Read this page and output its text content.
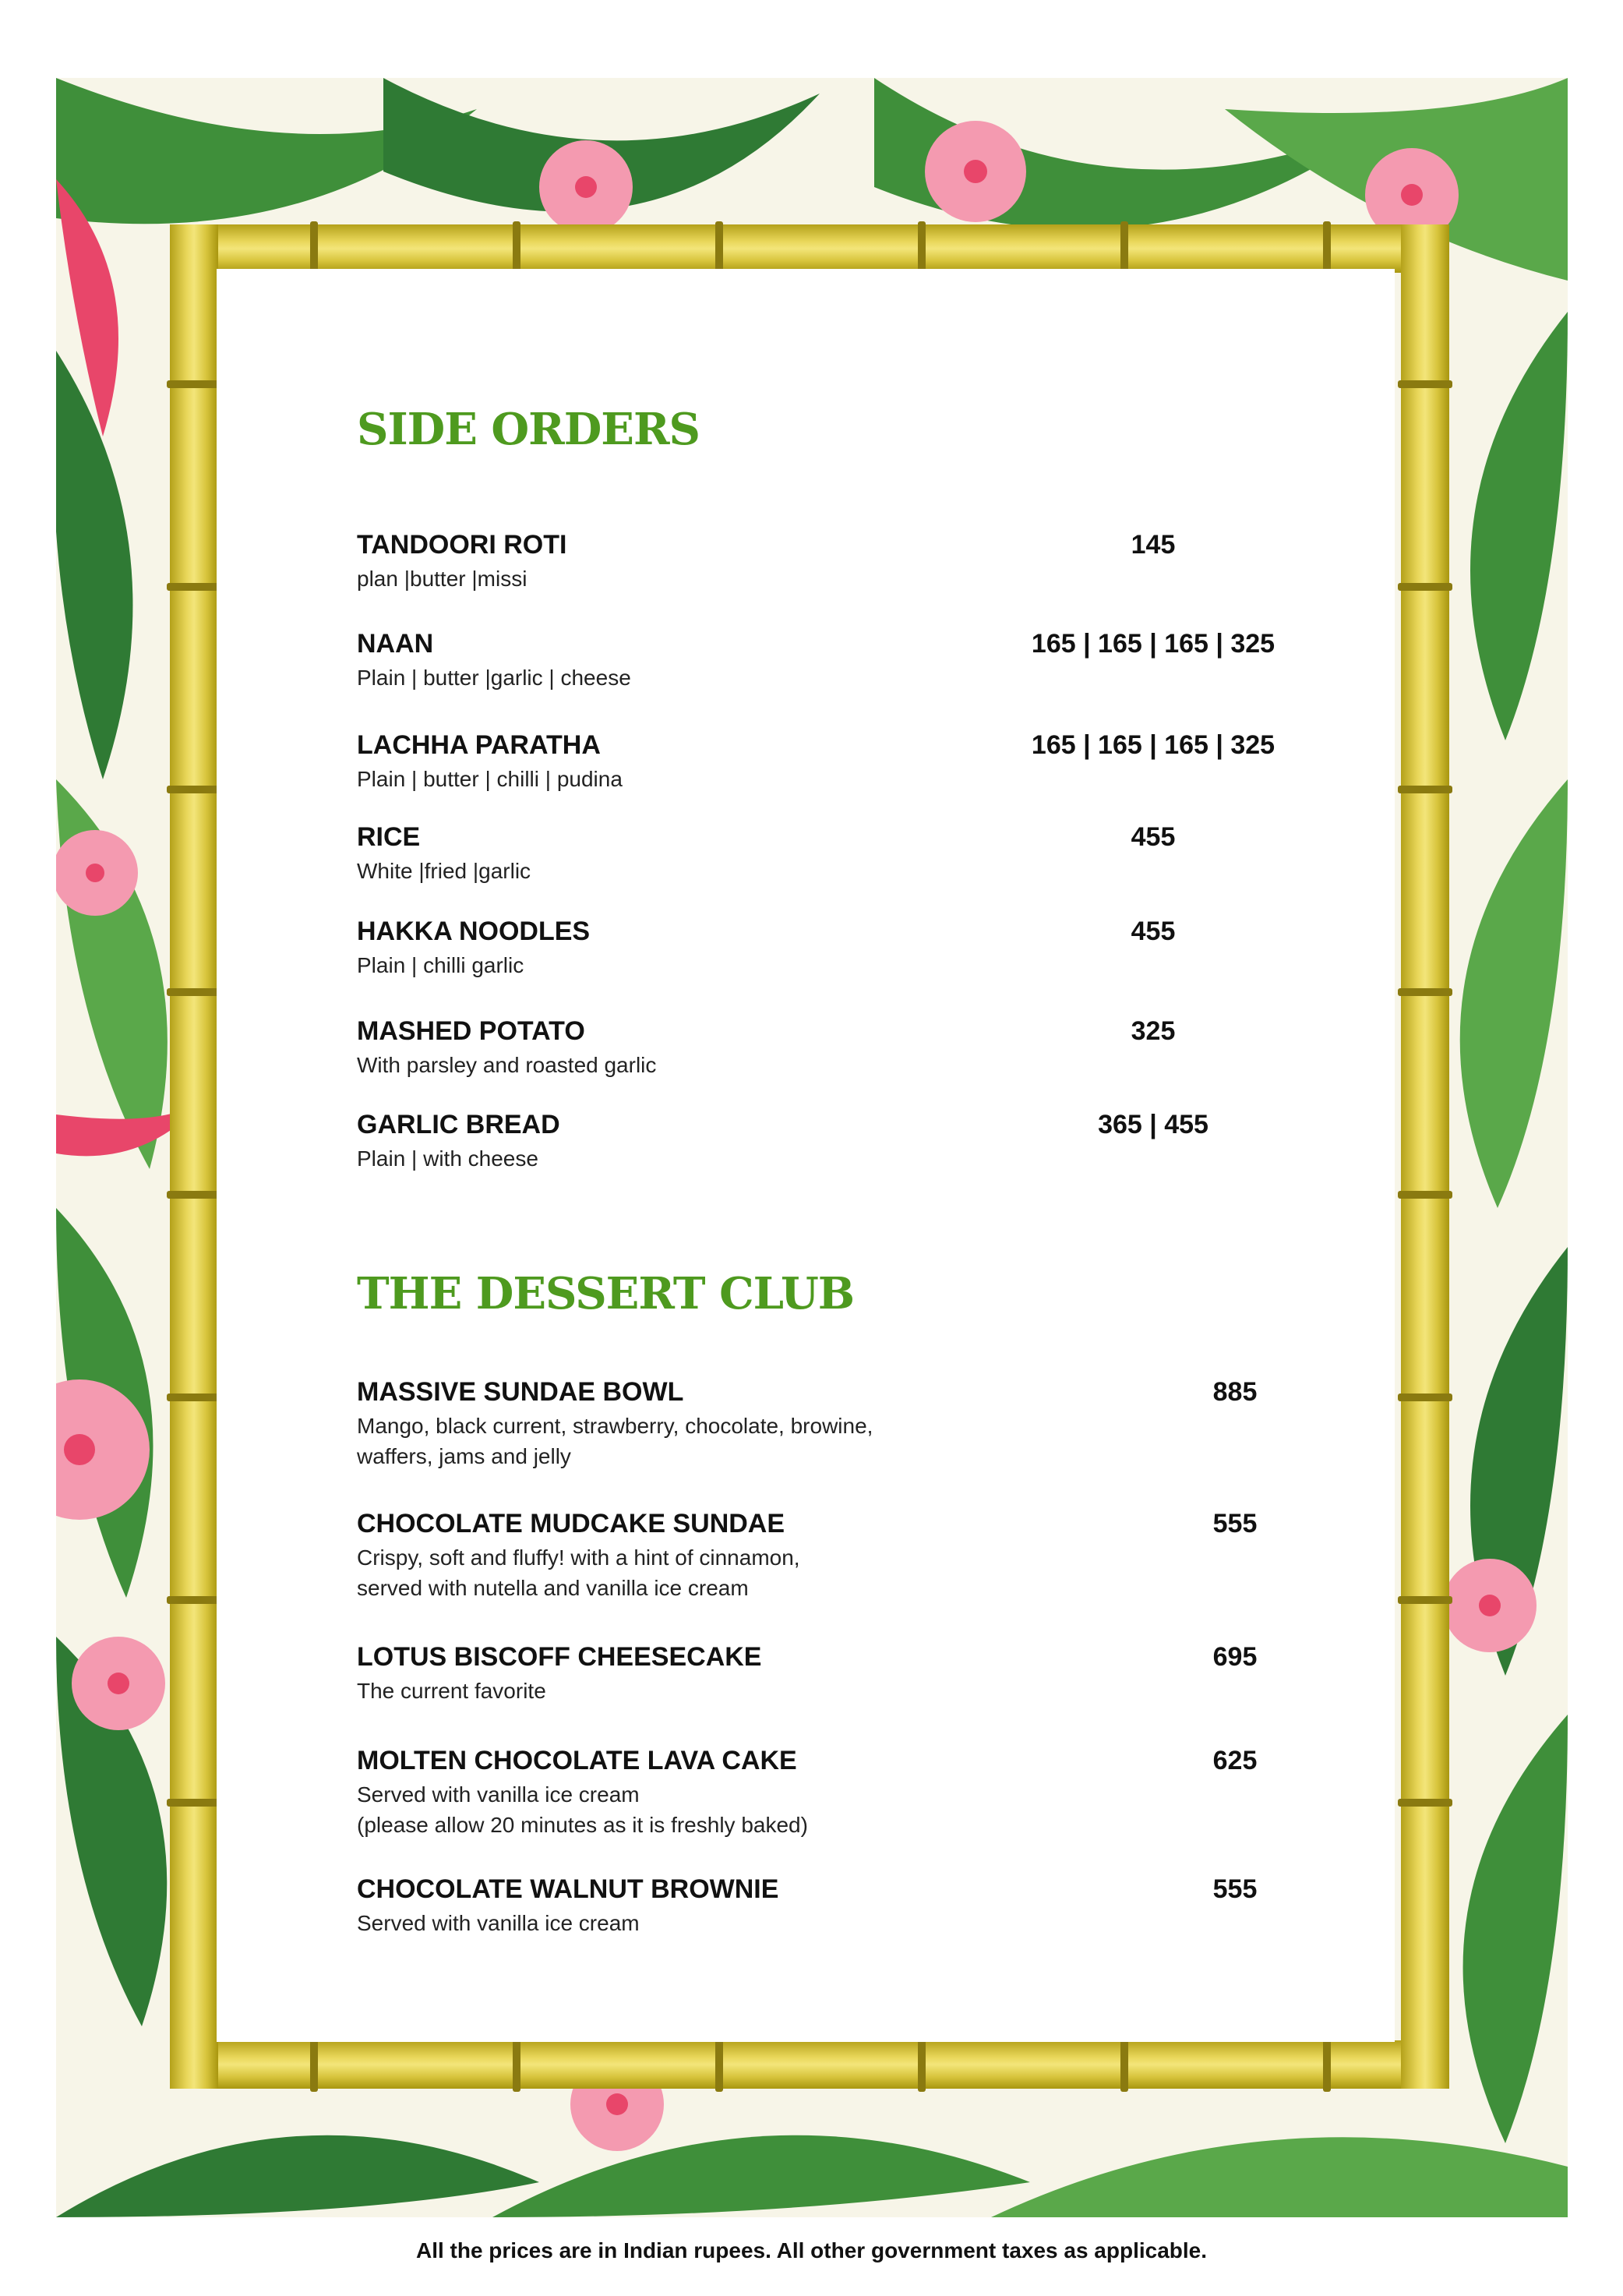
SIDE ORDERS
TANDOORI ROTI
plan |butter |missi
145
NAAN
Plain | butter |garlic | cheese
165 | 165 | 165 | 325
LACHHA PARATHA
Plain | butter | chilli | pudina
165 | 165 | 165 | 325
RICE
White |fried |garlic
455
HAKKA NOODLES
Plain | chilli garlic
455
MASHED POTATO
With parsley and roasted garlic
325
GARLIC BREAD
Plain | with cheese
365 | 455
THE DESSERT CLUB
MASSIVE SUNDAE BOWL
Mango, black current, strawberry, chocolate, browine,
waffers, jams and jelly
885
CHOCOLATE MUDCAKE SUNDAE
Crispy, soft and fluffy! with a hint of cinnamon,
served with nutella and vanilla ice cream
555
LOTUS BISCOFF CHEESECAKE
The current favorite
695
MOLTEN CHOCOLATE LAVA CAKE
Served with vanilla ice cream
(please allow 20 minutes as it is freshly baked)
625
CHOCOLATE WALNUT BROWNIE
Served with vanilla ice cream
555
All the prices are in Indian rupees. All other government taxes as applicable.
